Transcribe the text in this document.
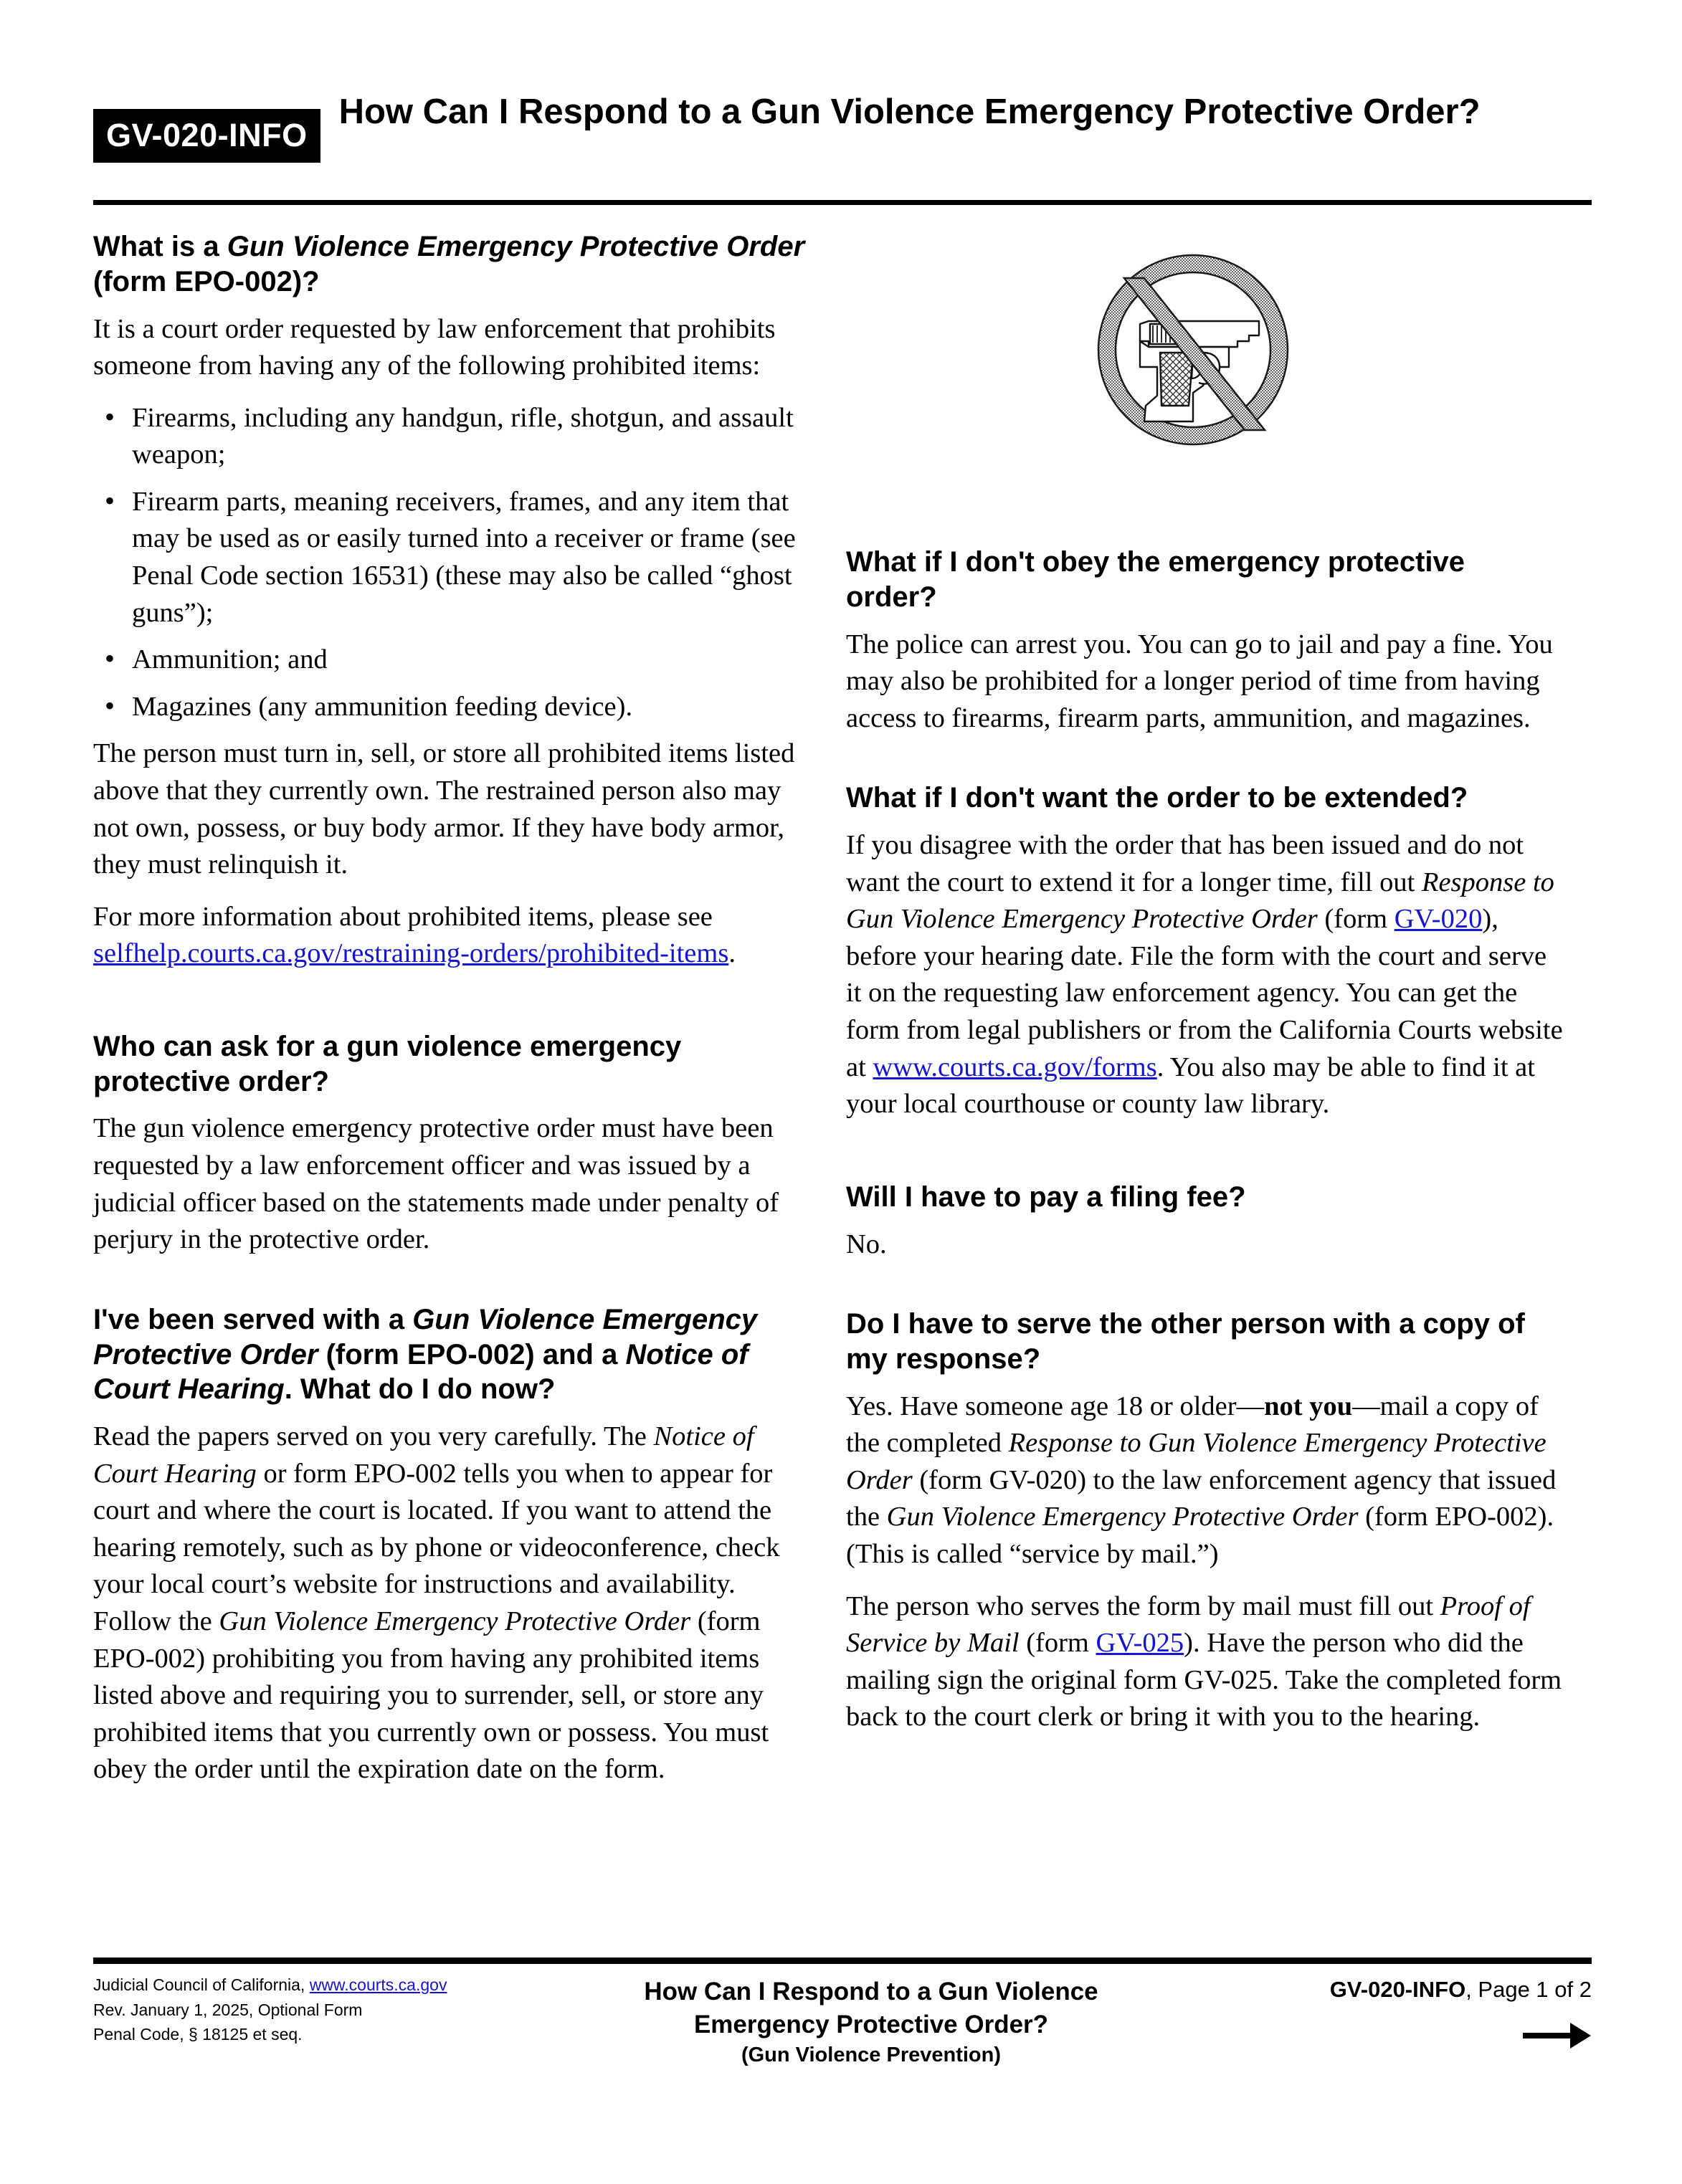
GV-020-INFO
How Can I Respond to a Gun Violence Emergency Protective Order?
What is a Gun Violence Emergency Protective Order (form EPO-002)?

It is a court order requested by law enforcement that prohibits someone from having any of the following prohibited items:

• Firearms, including any handgun, rifle, shotgun, and assault weapon;
• Firearm parts, meaning receivers, frames, and any item that may be used as or easily turned into a receiver or frame (see Penal Code section 16531) (these may also be called “ghost guns”);
• Ammunition; and
• Magazines (any ammunition feeding device).

The person must turn in, sell, or store all prohibited items listed above that they currently own. The restrained person also may not own, possess, or buy body armor. If they have body armor, they must relinquish it.

For more information about prohibited items, please see selfhelp.courts.ca.gov/restraining-orders/prohibited-items.

Who can ask for a gun violence emergency protective order?

The gun violence emergency protective order must have been requested by a law enforcement officer and was issued by a judicial officer based on the statements made under penalty of perjury in the protective order.

I've been served with a Gun Violence Emergency Protective Order (form EPO-002) and a Notice of Court Hearing. What do I do now?

Read the papers served on you very carefully. The Notice of Court Hearing or form EPO-002 tells you when to appear for court and where the court is located. If you want to attend the hearing remotely, such as by phone or videoconference, check your local court’s website for instructions and availability. Follow the Gun Violence Emergency Protective Order (form EPO-002) prohibiting you from having any prohibited items listed above and requiring you to surrender, sell, or store any prohibited items that you currently own or possess. You must obey the order until the expiration date on the form.

What if I don't obey the emergency protective order?

The police can arrest you. You can go to jail and pay a fine. You may also be prohibited for a longer period of time from having access to firearms, firearm parts, ammunition, and magazines.

What if I don't want the order to be extended?

If you disagree with the order that has been issued and do not want the court to extend it for a longer time, fill out Response to Gun Violence Emergency Protective Order (form GV-020), before your hearing date. File the form with the court and serve it on the requesting law enforcement agency. You can get the form from legal publishers or from the California Courts website at www.courts.ca.gov/forms. You also may be able to find it at your local courthouse or county law library.

Will I have to pay a filing fee?

No.

Do I have to serve the other person with a copy of my response?

Yes. Have someone age 18 or older—not you—mail a copy of the completed Response to Gun Violence Emergency Protective Order (form GV-020) to the law enforcement agency that issued the Gun Violence Emergency Protective Order (form EPO-002). (This is called “service by mail.”)

The person who serves the form by mail must fill out Proof of Service by Mail (form GV-025). Have the person who did the mailing sign the original form GV-025. Take the completed form back to the court clerk or bring it with you to the hearing.

Judicial Council of California, www.courts.ca.gov
Rev. January 1, 2025, Optional Form
Penal Code, § 18125 et seq.
How Can I Respond to a Gun Violence
Emergency Protective Order?
(Gun Violence Prevention)
GV-020-INFO, Page 1 of 2
